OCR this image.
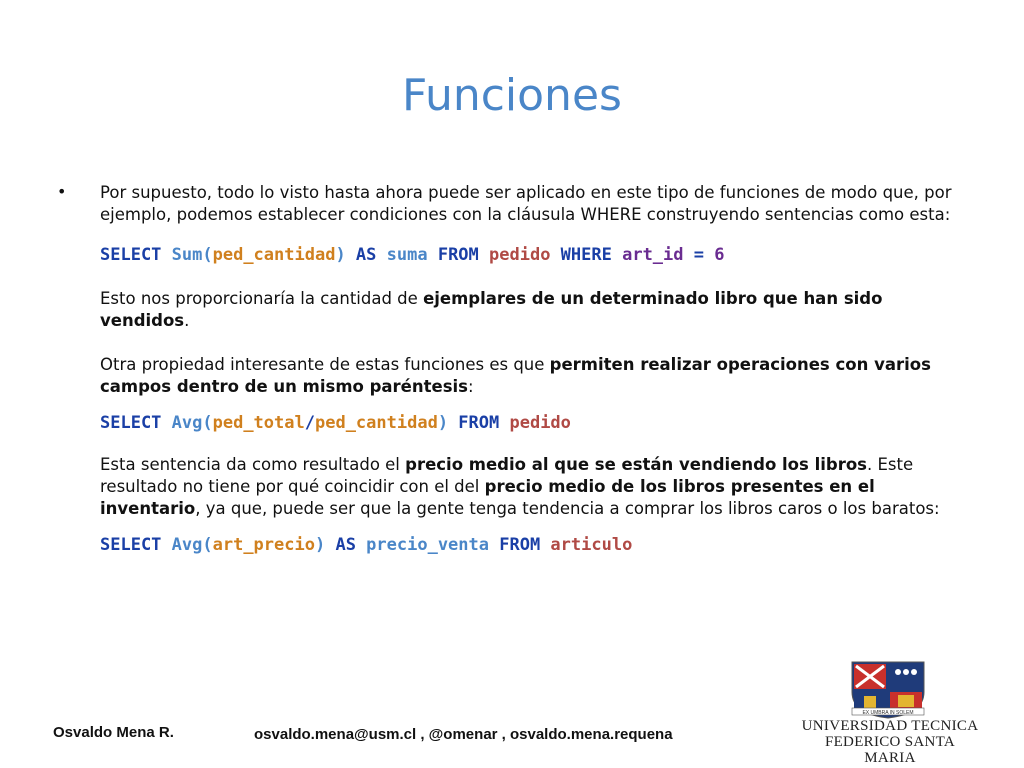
Funciones
• Por supuesto, todo lo visto hasta ahora puede ser aplicado en este tipo de funciones de modo que, por ejemplo, podemos establecer condiciones con la cláusula WHERE construyendo sentencias como esta:

SELECT Sum(ped_cantidad) AS suma FROM pedido WHERE art_id = 6

Esto nos proporcionaría la cantidad de ejemplares de un determinado libro que han sido vendidos.

Otra propiedad interesante de estas funciones es que permiten realizar operaciones con varios campos dentro de un mismo paréntesis:

SELECT Avg(ped_total/ped_cantidad) FROM pedido

Esta sentencia da como resultado el precio medio al que se están vendiendo los libros. Este resultado no tiene por qué coincidir con el del precio medio de los libros presentes en el inventario, ya que, puede ser que la gente tenga tendencia a comprar los libros caros o los baratos:

SELECT Avg(art_precio) AS precio_venta FROM articulo
Osvaldo Mena R.	osvaldo.mena@usm.cl , @omenar , osvaldo.mena.requena
EX UMBRA IN SOLEM
UNIVERSIDAD TECNICA
FEDERICO SANTA MARIA
